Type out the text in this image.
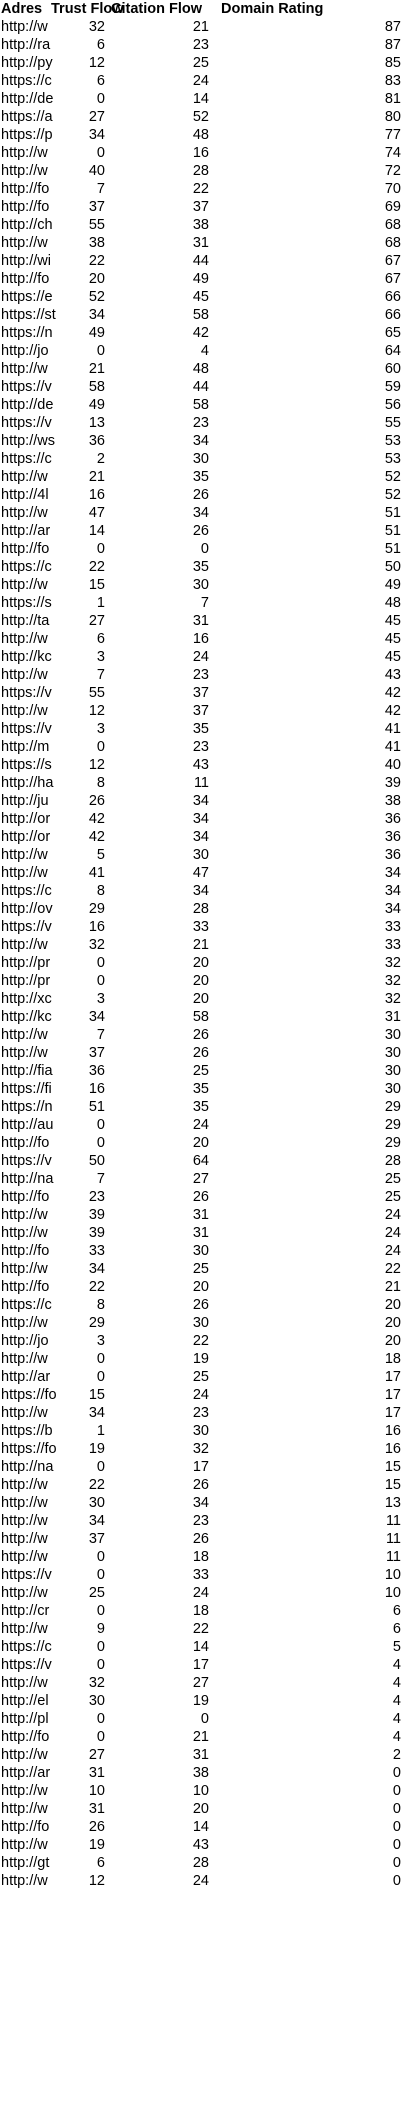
Adres	Trust Flow	Citation Flow	Domain Rating
http://w	32	21	87
http://ra	6	23	87
http://py	12	25	85
https://c	6	24	83
http://de	0	14	81
https://a	27	52	80
https://p	34	48	77
http://w	0	16	74
http://w	40	28	72
http://fo	7	22	70
http://fo	37	37	69
http://ch	55	38	68
http://w	38	31	68
http://wi	22	44	67
http://fo	20	49	67
https://e	52	45	66
https://st	34	58	66
https://n	49	42	65
http://jo	0	4	64
http://w	21	48	60
https://v	58	44	59
http://de	49	58	56
https://v	13	23	55
http://ws	36	34	53
https://c	2	30	53
http://w	21	35	52
http://4l	16	26	52
http://w	47	34	51
http://ar	14	26	51
http://fo	0	0	51
https://c	22	35	50
http://w	15	30	49
https://s	1	7	48
http://ta	27	31	45
http://w	6	16	45
http://kc	3	24	45
http://w	7	23	43
https://v	55	37	42
http://w	12	37	42
https://v	3	35	41
http://m	0	23	41
https://s	12	43	40
http://ha	8	11	39
http://ju	26	34	38
http://or	42	34	36
http://or	42	34	36
http://w	5	30	36
http://w	41	47	34
https://c	8	34	34
http://ov	29	28	34
https://v	16	33	33
http://w	32	21	33
http://pr	0	20	32
http://pr	0	20	32
http://xc	3	20	32
http://kc	34	58	31
http://w	7	26	30
http://w	37	26	30
http://fia	36	25	30
https://fi	16	35	30
https://n	51	35	29
http://au	0	24	29
http://fo	0	20	29
https://v	50	64	28
http://na	7	27	25
http://fo	23	26	25
http://w	39	31	24
http://w	39	31	24
http://fo	33	30	24
http://w	34	25	22
http://fo	22	20	21
https://c	8	26	20
http://w	29	30	20
http://jo	3	22	20
http://w	0	19	18
http://ar	0	25	17
https://fo	15	24	17
http://w	34	23	17
https://b	1	30	16
https://fo	19	32	16
http://na	0	17	15
http://w	22	26	15
http://w	30	34	13
http://w	34	23	11
http://w	37	26	11
http://w	0	18	11
https://v	0	33	10
http://w	25	24	10
http://cr	0	18	6
http://w	9	22	6
https://c	0	14	5
https://v	0	17	4
http://w	32	27	4
http://el	30	19	4
http://pl	0	0	4
http://fo	0	21	4
http://w	27	31	2
http://ar	31	38	0
http://w	10	10	0
http://w	31	20	0
http://fo	26	14	0
http://w	19	43	0
http://gt	6	28	0
http://w	12	24	0
